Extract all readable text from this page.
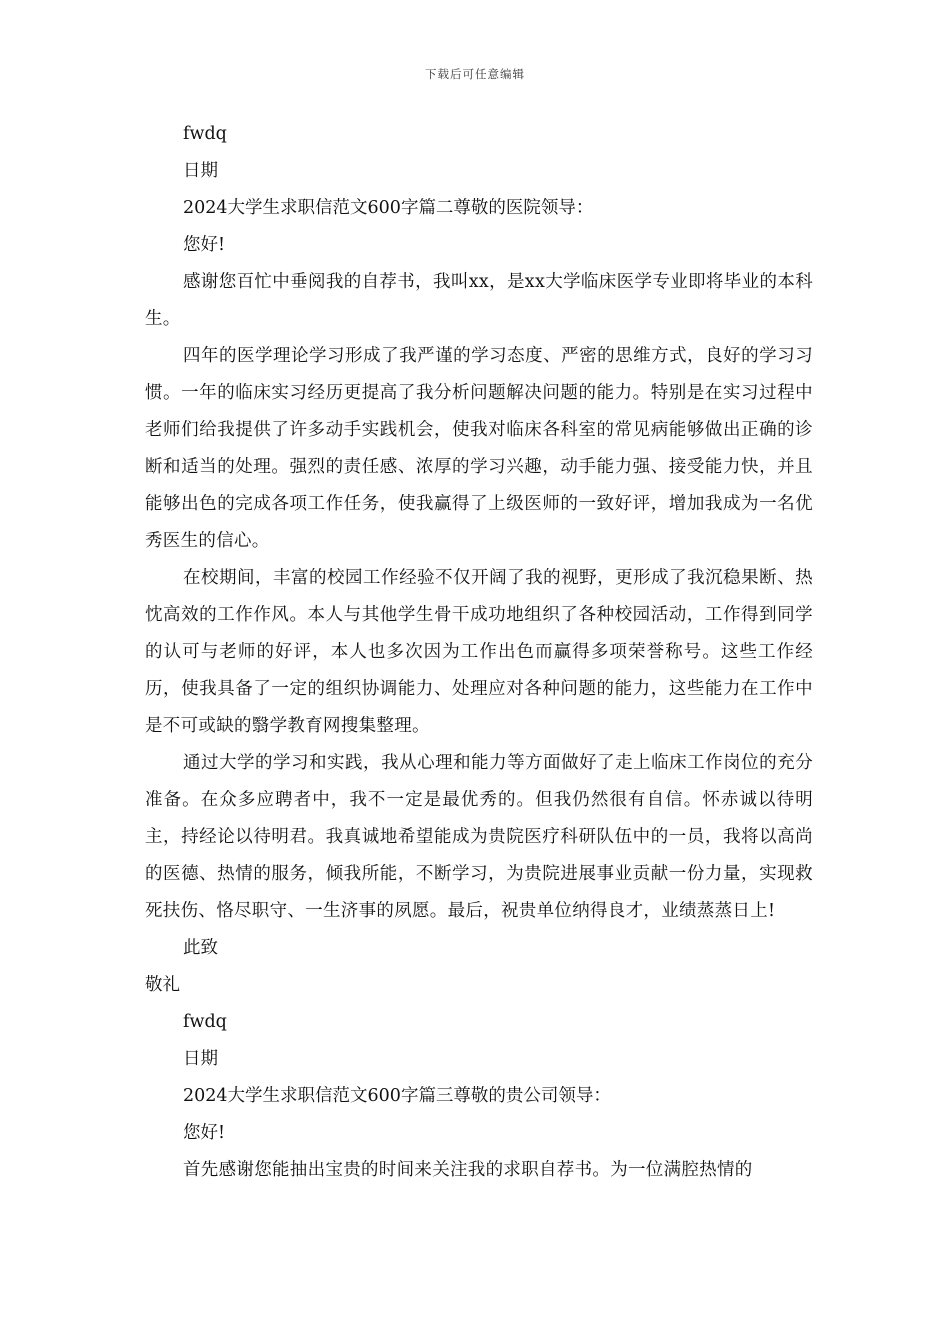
下载后可任意编辑

fwdq

日期

2024大学生求职信范文600字篇二尊敬的医院领导：

您好!

感谢您百忙中垂阅我的自荐书，我叫xx，是xx大学临床医学专业即将毕业的本科生。

四年的医学理论学习形成了我严谨的学习态度、严密的思维方式，良好的学习习惯。一年的临床实习经历更提高了我分析问题解决问题的能力。特别是在实习过程中老师们给我提供了许多动手实践机会，使我对临床各科室的常见病能够做出正确的诊断和适当的处理。强烈的责任感、浓厚的学习兴趣，动手能力强、接受能力快，并且能够出色的完成各项工作任务，使我赢得了上级医师的一致好评，增加我成为一名优秀医生的信心。

在校期间，丰富的校园工作经验不仅开阔了我的视野，更形成了我沉稳果断、热忱高效的工作作风。本人与其他学生骨干成功地组织了各种校园活动，工作得到同学的认可与老师的好评，本人也多次因为工作出色而赢得多项荣誉称号。这些工作经历，使我具备了一定的组织协调能力、处理应对各种问题的能力，这些能力在工作中是不可或缺的翳学教育网搜集整理。

通过大学的学习和实践，我从心理和能力等方面做好了走上临床工作岗位的充分准备。在众多应聘者中，我不一定是最优秀的。但我仍然很有自信。怀赤诚以待明主，持经论以待明君。我真诚地希望能成为贵院医疗科研队伍中的一员，我将以高尚的医德、热情的服务，倾我所能，不断学习，为贵院进展事业贡献一份力量，实现救死扶伤、恪尽职守、一生济事的夙愿。最后，祝贵单位纳得良才，业绩蒸蒸日上!

此致

敬礼

fwdq

日期

2024大学生求职信范文600字篇三尊敬的贵公司领导：

您好!

首先感谢您能抽出宝贵的时间来关注我的求职自荐书。为一位满腔热情的
